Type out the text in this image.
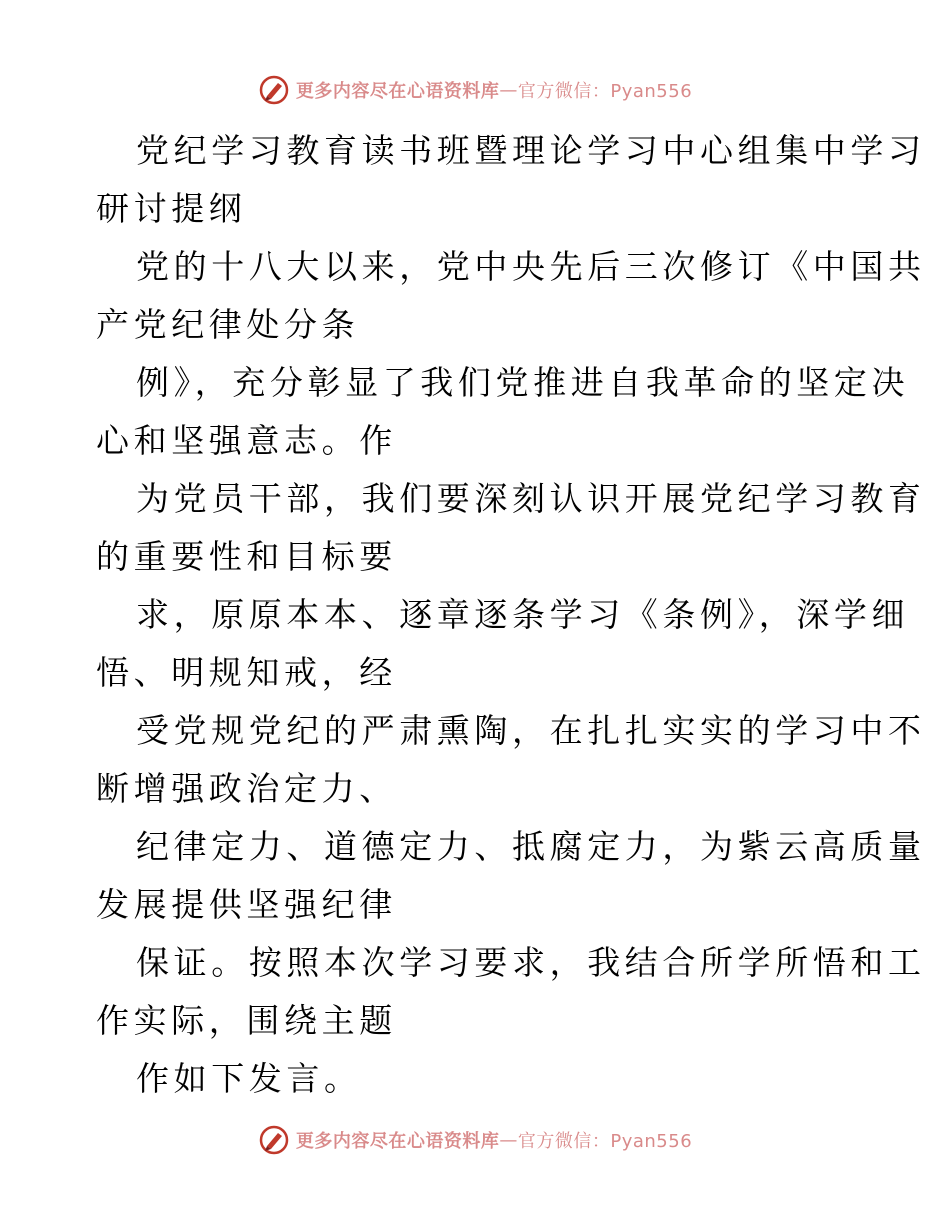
更多内容尽在心语资料库 — 官方微信：Pyan556
党纪学习教育读书班暨理论学习中心组集中学习
研讨提纲
党的十八大以来，党中央先后三次修订《中国共
产党纪律处分条
例》，充分彰显了我们党推进自我革命的坚定决
心和坚强意志。作
为党员干部，我们要深刻认识开展党纪学习教育
的重要性和目标要
求，原原本本、逐章逐条学习《条例》，深学细
悟、明规知戒，经
受党规党纪的严肃熏陶，在扎扎实实的学习中不
断增强政治定力、
纪律定力、道德定力、抵腐定力，为紫云高质量
发展提供坚强纪律
保证。按照本次学习要求，我结合所学所悟和工
作实际，围绕主题
作如下发言。
更多内容尽在心语资料库 — 官方微信：Pyan556
